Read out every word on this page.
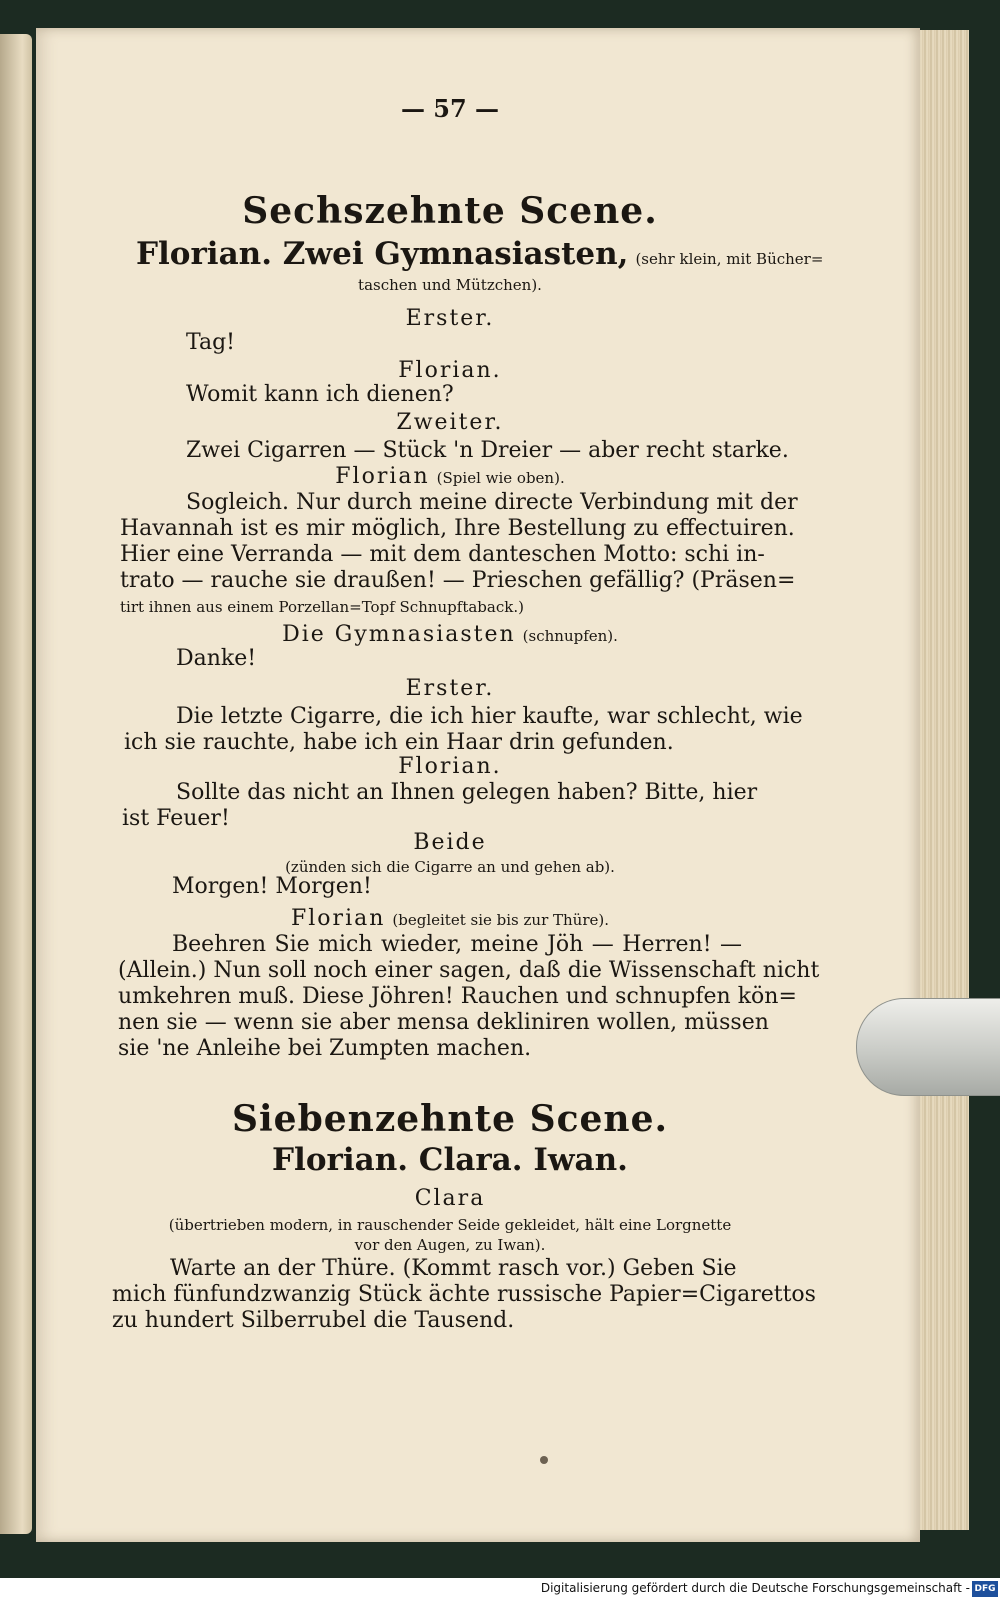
— 57 —
Sechszehnte Scene.
Florian. Zwei Gymnasiasten, (sehr klein, mit Bücher=
taschen und Mützchen).
Erster.
Tag!
Florian.
Womit kann ich dienen?
Zweiter.
Zwei Cigarren — Stück 'n Dreier — aber recht starke.
Florian (Spiel wie oben).
Sogleich. Nur durch meine directe Verbindung mit der
Havannah ist es mir möglich, Ihre Bestellung zu effectuiren.
Hier eine Verranda — mit dem danteschen Motto: schi in-
trato — rauche sie draußen! — Prieschen gefällig? (Präsen=
tirt ihnen aus einem Porzellan=Topf Schnupftaback.)
Die Gymnasiasten (schnupfen).
Danke!
Erster.
Die letzte Cigarre, die ich hier kaufte, war schlecht, wie
ich sie rauchte, habe ich ein Haar drin gefunden.
Florian.
Sollte das nicht an Ihnen gelegen haben? Bitte, hier
ist Feuer!
Beide
(zünden sich die Cigarre an und gehen ab).
Morgen! Morgen!
Florian (begleitet sie bis zur Thüre).
Beehren Sie mich wieder, meine Jöh — Herren! —
(Allein.) Nun soll noch einer sagen, daß die Wissenschaft nicht
umkehren muß. Diese Jöhren! Rauchen und schnupfen kön=
nen sie — wenn sie aber mensa dekliniren wollen, müssen
sie 'ne Anleihe bei Zumpten machen.
Siebenzehnte Scene.
Florian. Clara. Iwan.
Clara
(übertrieben modern, in rauschender Seide gekleidet, hält eine Lorgnette
vor den Augen, zu Iwan).
Warte an der Thüre. (Kommt rasch vor.) Geben Sie
mich fünfundzwanzig Stück ächte russische Papier=Cigarettos
zu hundert Silberrubel die Tausend.
Digitalisierung gefördert durch die Deutsche Forschungsgemeinschaft - DFG
